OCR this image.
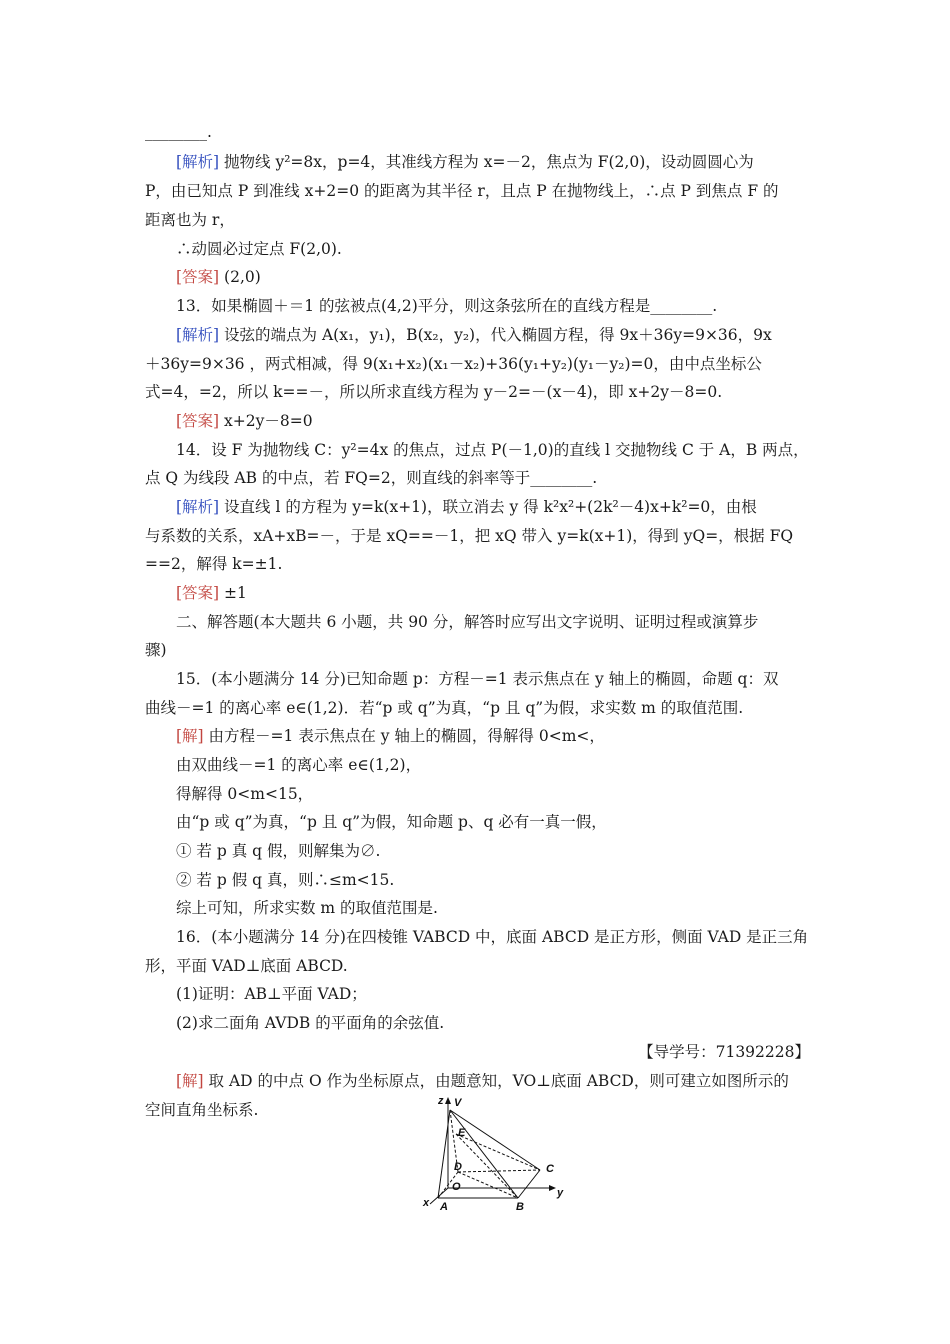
________.
[解析] 抛物线 y²=8x，p=4，其准线方程为 x=－2，焦点为 F(2,0)，设动圆圆心为
P，由已知点 P 到准线 x+2=0 的距离为其半径 r，且点 P 在抛物线上，∴点 P 到焦点 F 的
距离也为 r，
∴动圆必过定点 F(2,0).
[答案] (2,0)
13．如果椭圆＋＝1 的弦被点(4,2)平分，则这条弦所在的直线方程是________.
[解析] 设弦的端点为 A(x₁，y₁)，B(x₂，y₂)，代入椭圆方程，得 9x＋36y=9×36，9x
＋36y=9×36 ，两式相减，得 9(x₁+x₂)(x₁－x₂)+36(y₁+y₂)(y₁－y₂)=0，由中点坐标公
式=4，=2，所以 k==－，所以所求直线方程为 y－2=－(x－4)，即 x+2y－8=0.
[答案] x+2y－8=0
14．设 F 为抛物线 C：y²=4x 的焦点，过点 P(－1,0)的直线 l 交抛物线 C 于 A，B 两点，
点 Q 为线段 AB 的中点，若 FQ=2，则直线的斜率等于________.
[解析] 设直线 l 的方程为 y=k(x+1)，联立消去 y 得 k²x²+(2k²－4)x+k²=0，由根
与系数的关系，xA+xB=－，于是 xQ==－1，把 xQ 带入 y=k(x+1)，得到 yQ=，根据 FQ
==2，解得 k=±1.
[答案] ±1
二、解答题(本大题共 6 小题，共 90 分，解答时应写出文字说明、证明过程或演算步
骤)
15．(本小题满分 14 分)已知命题 p：方程－=1 表示焦点在 y 轴上的椭圆，命题 q：双
曲线－=1 的离心率 e∈(1,2)．若“p 或 q”为真，“p 且 q”为假，求实数 m 的取值范围.
[解] 由方程－=1 表示焦点在 y 轴上的椭圆，得解得 0<m<，
由双曲线－=1 的离心率 e∈(1,2)，
得解得 0<m<15，
由“p 或 q”为真，“p 且 q”为假，知命题 p、q 必有一真一假，
① 若 p 真 q 假，则解集为∅.
② 若 p 假 q 真，则∴≤m<15.
综上可知，所求实数 m 的取值范围是.
16．(本小题满分 14 分)在四棱锥 VABCD 中，底面 ABCD 是正方形，侧面 VAD 是正三角
形，平面 VAD⊥底面 ABCD.
(1)证明：AB⊥平面 VAD；
(2)求二面角 AVDB 的平面角的余弦值.
[解] 取 AD 的中点 O 作为坐标原点，由题意知，VO⊥底面 ABCD，则可建立如图所示的
空间直角坐标系.
【导学号：71392228】
z V
E
D	C
O	y
x A	B
